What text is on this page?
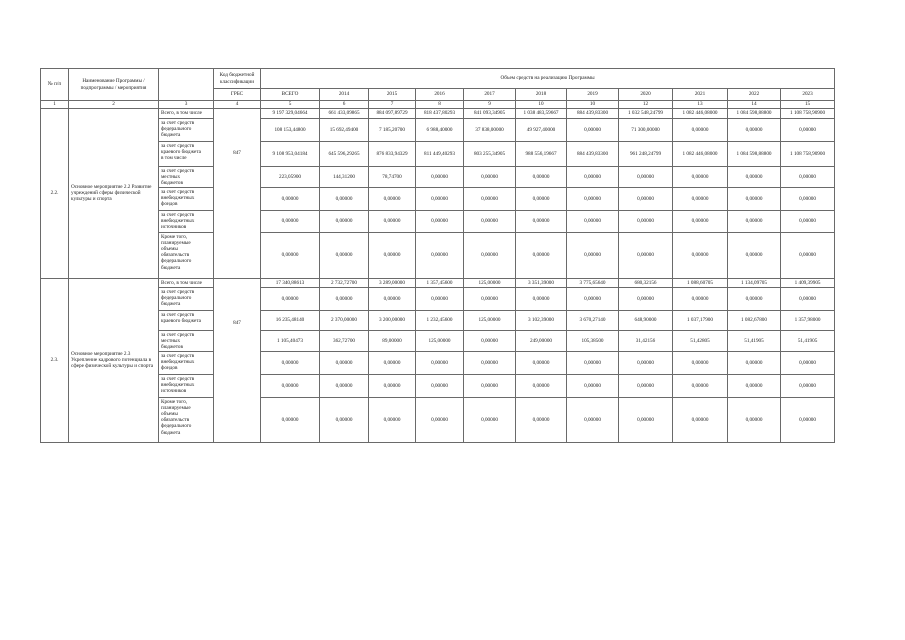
№ п/п	Наименование Программы / подпрограммы / мероприятия		Код бюджетной классификации	Объем средств на реализацию Программы										
			ГРБС	ВСЕГО	2014	2015	2016	2017	2018	2019	2020	2021	2022	2023
1	2	3	4	5	6	7	8	9	10	10	12	13	14	15
2.2.	Основное мероприятие 2.2 Развитие учреждений сферы физической культуры и спорта	Всего, в том числе	847	9 197 329,04664	661 433,09865	884 097,89729	818 437,80293	841 093,34905	1 038 483,59667	884 439,83300	1 032 548,24799	1 082 446,08000	1 084 598,88800	1 108 758,90900
		за счет средств федерального бюджета		108 153,44800	15 692,49400	7 185,20700	6 988,40000	37 838,00000	49 927,40000	0,00000	71 300,00000	0,00000	0,00000	0,00000
		за счет средств краевого бюджета в том числе		9 108 953,04184	645 596,29265	876 833,94329	811 449,40293	803 255,34905	988 556,19667	884 439,83300	961 248,24799	1 082 446,08000	1 084 598,88800	1 108 758,90900
		за счет средств местных бюджетов		223,05900	144,31200	78,74700	0,00000	0,00000	0,00000	0,00000	0,00000	0,00000	0,00000	0,00000
		за счет средств внебюджетных фондов		0,00000	0,00000	0,00000	0,00000	0,00000	0,00000	0,00000	0,00000	0,00000	0,00000	0,00000
		за счет средств внебюджетных источников		0,00000	0,00000	0,00000	0,00000	0,00000	0,00000	0,00000	0,00000	0,00000	0,00000	0,00000
		Кроме того, планируемые объемы обязательств федерального бюджета		0,00000	0,00000	0,00000	0,00000	0,00000	0,00000	0,00000	0,00000	0,00000	0,00000	0,00000
2.3.	Основное мероприятие 2.3 Укрепление кадрового потенциала в сфере физической культуры и спорта	Всего, в том числе	847	17 340,88613	2 732,72700	3 289,00000	1 357,45600	125,00000	3 351,39000	3 775,65640	680,32156	1 088,60705	1 134,09705	1 409,39905
		за счет средств федерального бюджета		0,00000	0,00000	0,00000	0,00000	0,00000	0,00000	0,00000	0,00000	0,00000	0,00000	0,00000
		за счет средств краевого бюджета		16 235,48140	2 370,00000	3 200,00000	1 232,45600	125,00000	3 102,39000	3 670,27140	648,90000	1 037,17900	1 082,67800	1 357,98000
		за счет средств местных бюджетов		1 105,40473	362,72700	89,00000	125,00000	0,00000	249,00000	105,38500	31,42156	51,42805	51,41905	51,41905
		за счет средств внебюджетных фондов		0,00000	0,00000	0,00000	0,00000	0,00000	0,00000	0,00000	0,00000	0,00000	0,00000	0,00000
		за счет средств внебюджетных источников		0,00000	0,00000	0,00000	0,00000	0,00000	0,00000	0,00000	0,00000	0,00000	0,00000	0,00000
		Кроме того, планируемые объемы обязательств федерального бюджета		0,00000	0,00000	0,00000	0,00000	0,00000	0,00000	0,00000	0,00000	0,00000	0,00000	0,00000
